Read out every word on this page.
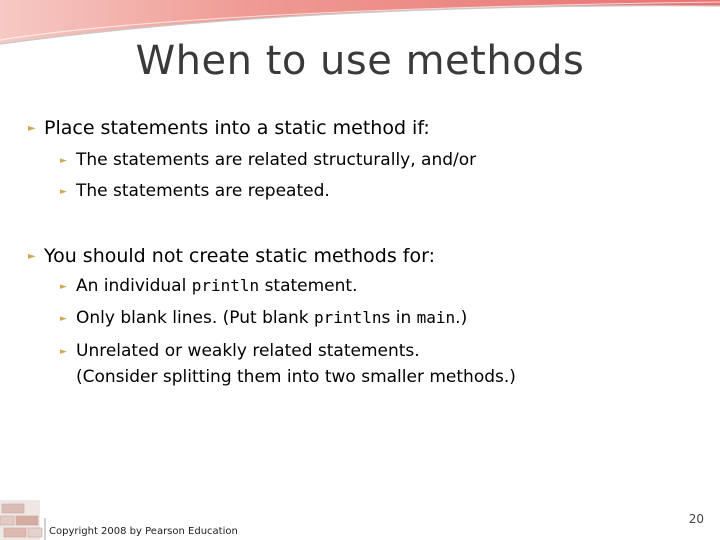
When to use methods
► Place statements into a static method if:
► The statements are related structurally, and/or
► The statements are repeated.
► You should not create static methods for:
► An individual println statement.
► Only blank lines. (Put blank printlns in main.)
► Unrelated or weakly related statements.
(Consider splitting them into two smaller methods.)
Copyright 2008 by Pearson Education
20
